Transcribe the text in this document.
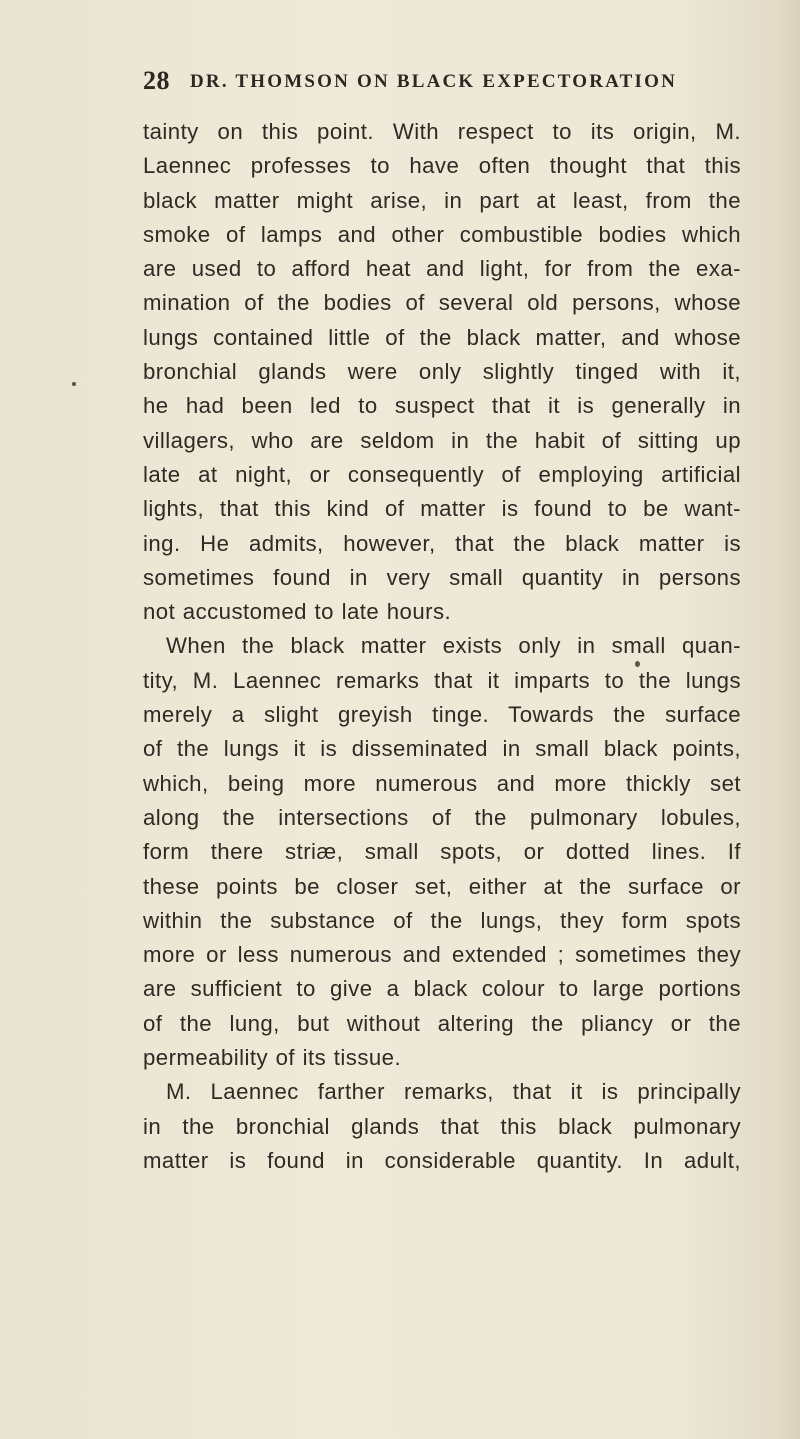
28 DR. THOMSON ON BLACK EXPECTORATION
tainty on this point. With respect to its origin, M.
Laennec professes to have often thought that this
black matter might arise, in part at least, from the
smoke of lamps and other combustible bodies which
are used to afford heat and light, for from the exa-
mination of the bodies of several old persons, whose
lungs contained little of the black matter, and whose
bronchial glands were only slightly tinged with it,
he had been led to suspect that it is generally in
villagers, who are seldom in the habit of sitting up
late at night, or consequently of employing artificial
lights, that this kind of matter is found to be want-
ing. He admits, however, that the black matter is
sometimes found in very small quantity in persons
not accustomed to late hours.
When the black matter exists only in small quan-
tity, M. Laennec remarks that it imparts to the lungs
merely a slight greyish tinge. Towards the surface
of the lungs it is disseminated in small black points,
which, being more numerous and more thickly set
along the intersections of the pulmonary lobules,
form there striæ, small spots, or dotted lines. If
these points be closer set, either at the surface or
within the substance of the lungs, they form spots
more or less numerous and extended ; sometimes they
are sufficient to give a black colour to large portions
of the lung, but without altering the pliancy or the
permeability of its tissue.
M. Laennec farther remarks, that it is principally
in the bronchial glands that this black pulmonary
matter is found in considerable quantity. In adult,
